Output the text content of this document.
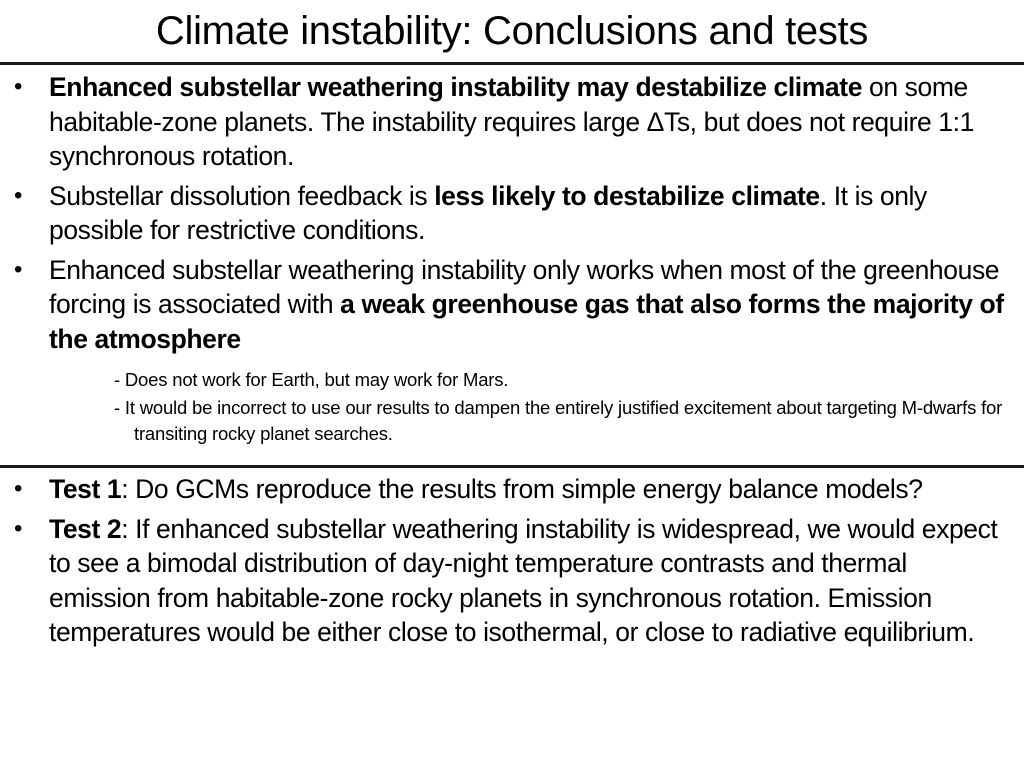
Climate instability: Conclusions and tests
• Enhanced substellar weathering instability may destabilize climate on some habitable-zone planets. The instability requires large ΔTs, but does not require 1:1 synchronous rotation.
• Substellar dissolution feedback is less likely to destabilize climate. It is only possible for restrictive conditions.
• Enhanced substellar weathering instability only works when most of the greenhouse forcing is associated with a weak greenhouse gas that also forms the majority of the atmosphere
- Does not work for Earth, but may work for Mars.
- It would be incorrect to use our results to dampen the entirely justified excitement about targeting M-dwarfs for transiting rocky planet searches.
• Test 1: Do GCMs reproduce the results from simple energy balance models?
• Test 2: If enhanced substellar weathering instability is widespread, we would expect to see a bimodal distribution of day-night temperature contrasts and thermal emission from habitable-zone rocky planets in synchronous rotation. Emission temperatures would be either close to isothermal, or close to radiative equilibrium.
